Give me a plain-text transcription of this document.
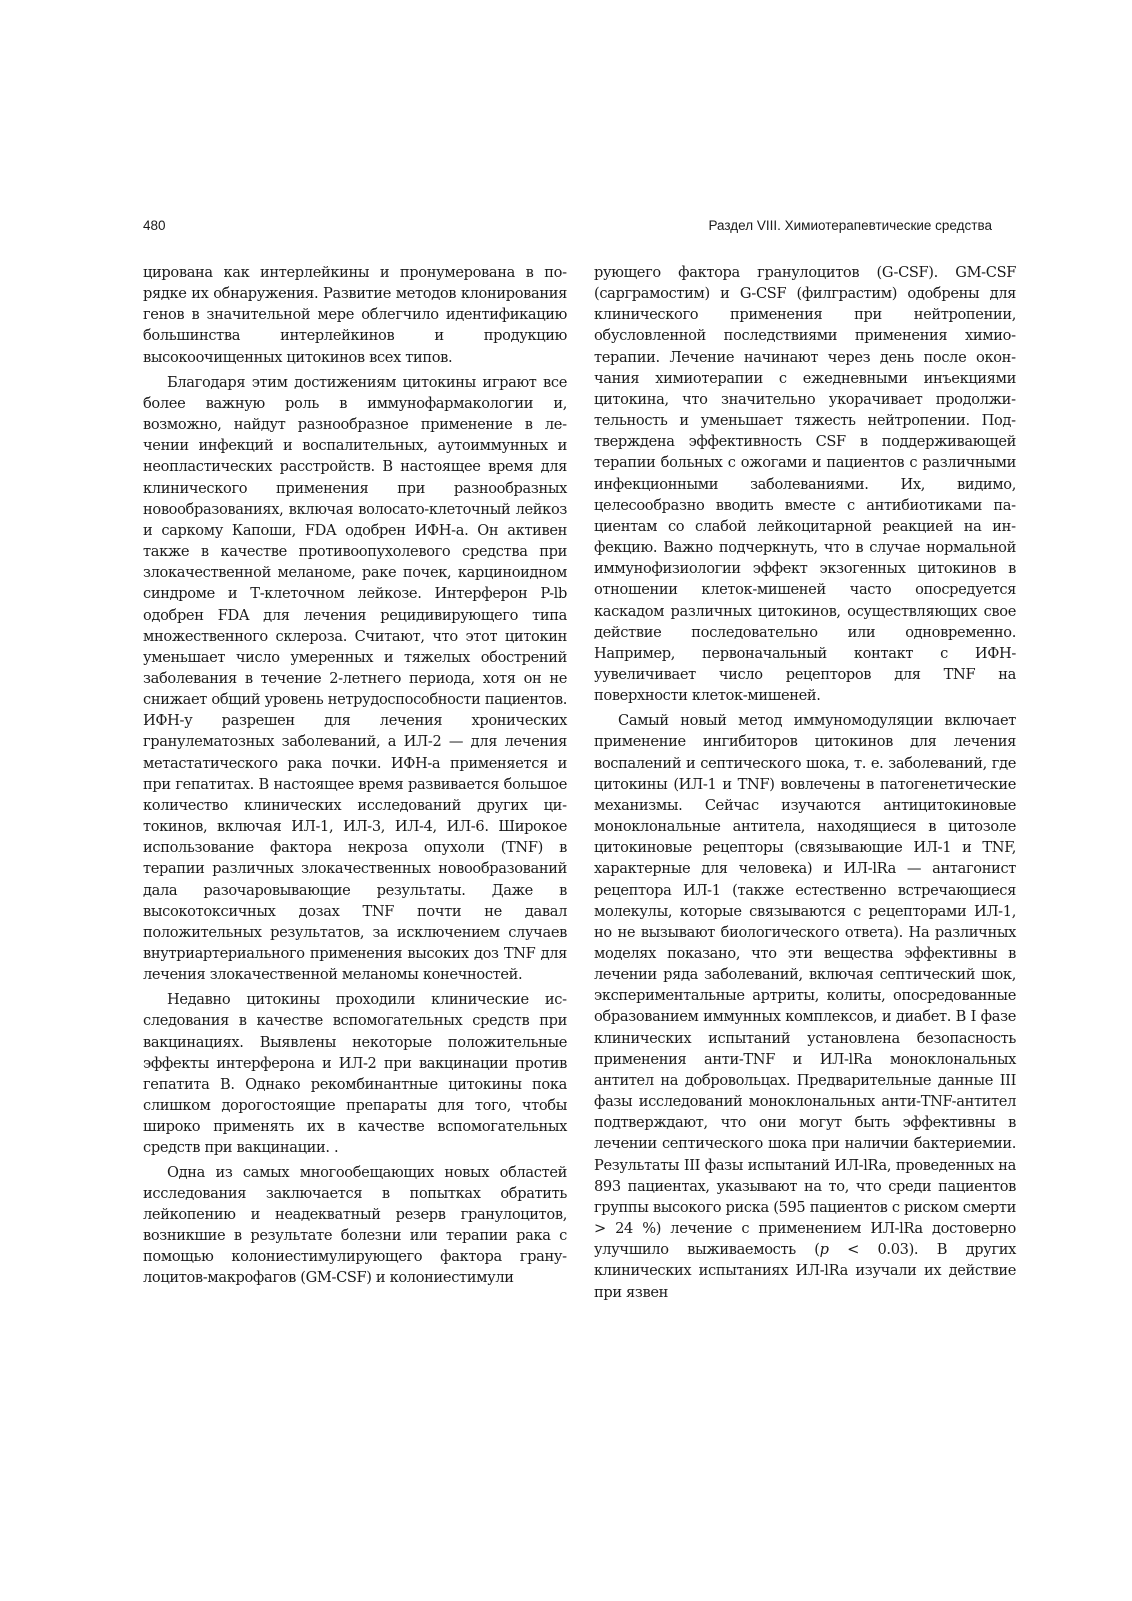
480	Раздел VIII. Химиотерапевтические средства

цирована как интерлейкины и пронумерована в порядке их обнаружения. Развитие методов клонирования генов в значительной мере облегчило идентификацию большинства интерлейкинов и продукцию высокоочищенных цитокинов всех типов.

Благодаря этим достижениям цитокины играют все более важную роль в иммунофармакологии и, возможно, найдут разнообразное применение в лечении инфекций и воспалительных, аутоиммунных и неопластических расстройств. В настоящее время для клинического применения при разнообразных новообразованиях, включая волосато-клеточный лейкоз и саркому Капоши, FDA одобрен ИФН-а. Он активен также в качестве противоопухолевого средства при злокачественной меланоме, раке почек, карциноидном синдроме и Т-клеточном лейкозе. Интерферон P-lb одобрен FDA для лечения рецидивирующего типа множественного склероза. Считают, что этот цитокин уменьшает число умеренных и тяжелых обострений заболевания в течение 2-летнего периода, хотя он не снижает общий уровень нетрудоспособности пациентов. ИФН-у разрешен для лечения хронических гранулематозных заболеваний, а ИЛ-2 — для лечения метастатического рака почки. ИФН-а применяется и при гепатитах. В настоящее время развивается большое количество клинических исследований других цитокинов, включая ИЛ-1, ИЛ-3, ИЛ-4, ИЛ-6. Широкое использование фактора некроза опухоли (TNF) в терапии различных злокачественных новообразований дала разочаровывающие результаты. Даже в высокотоксичных дозах TNF почти не давал положительных результатов, за исключением случаев внутриартериального применения высоких доз TNF для лечения злокачественной меланомы конечностей.

Недавно цитокины проходили клинические исследования в качестве вспомогательных средств при вакцинациях. Выявлены некоторые положительные эффекты интерферона и ИЛ-2 при вакцинации против гепатита В. Однако рекомбинантные цитокины пока слишком дорогостоящие препараты для того, чтобы широко применять их в качестве вспомогательных средств при вакцинации. .

Одна из самых многообещающих новых областей исследования заключается в попытках обратить лейкопению и неадекватный резерв гранулоцитов, возникшие в результате болезни или терапии рака с помощью колониестимулирующего фактора гранулоцитов-макрофагов (GM-CSF) и колониестимули

рующего фактора гранулоцитов (G-CSF). GM-CSF (сарграмостим) и G-CSF (филграстим) одобрены для клинического применения при нейтропении, обусловленной последствиями применения химиотерапии. Лечение начинают через день после окончания химиотерапии с ежедневными инъекциями цитокина, что значительно укорачивает продолжительность и уменьшает тяжесть нейтропении. Подтверждена эффективность CSF в поддерживающей терапии больных с ожогами и пациентов с различными инфекционными заболеваниями. Их, видимо, целесообразно вводить вместе с антибиотиками пациентам со слабой лейкоцитарной реакцией на инфекцию. Важно подчеркнуть, что в случае нормальной иммунофизиологии эффект экзогенных цитокинов в отношении клеток-мишеней часто опосредуется каскадом различных цитокинов, осуществляющих свое действие последовательно или одновременно. Например, первоначальный контакт с ИФН-уувеличивает число рецепторов для TNF на поверхности клеток-мишеней.

Самый новый метод иммуномодуляции включает применение ингибиторов цитокинов для лечения воспалений и септического шока, т. е. заболеваний, где цитокины (ИЛ-1 и TNF) вовлечены в патогенетические механизмы. Сейчас изучаются антицитокиновые моноклональные антитела, находящиеся в цитозоле цитокиновые рецепторы (связывающие ИЛ-1 и TNF, характерные для человека) и ИЛ-lRa — антагонист рецептора ИЛ-1 (также естественно встречающиеся молекулы, которые связываются с рецепторами ИЛ-1, но не вызывают биологического ответа). На различных моделях показано, что эти вещества эффективны в лечении ряда заболеваний, включая септический шок, экспериментальные артриты, колиты, опосредованные образованием иммунных комплексов, и диабет. В I фазе клинических испытаний установлена безопасность применения анти-TNF и ИЛ-lRa моноклональных антител на добровольцах. Предварительные данные III фазы исследований моноклональных анти-TNF-антител подтверждают, что они могут быть эффективны в лечении септического шока при наличии бактериемии. Результаты III фазы испытаний ИЛ-lRa, проведенных на 893 пациентах, указывают на то, что среди пациентов группы высокого риска (595 пациентов с риском смерти > 24 %) лечение с применением ИЛ-lRa достоверно улучшило выживаемость (р < 0.03). В других клинических испытаниях ИЛ-lRa изучали их действие при язвен
